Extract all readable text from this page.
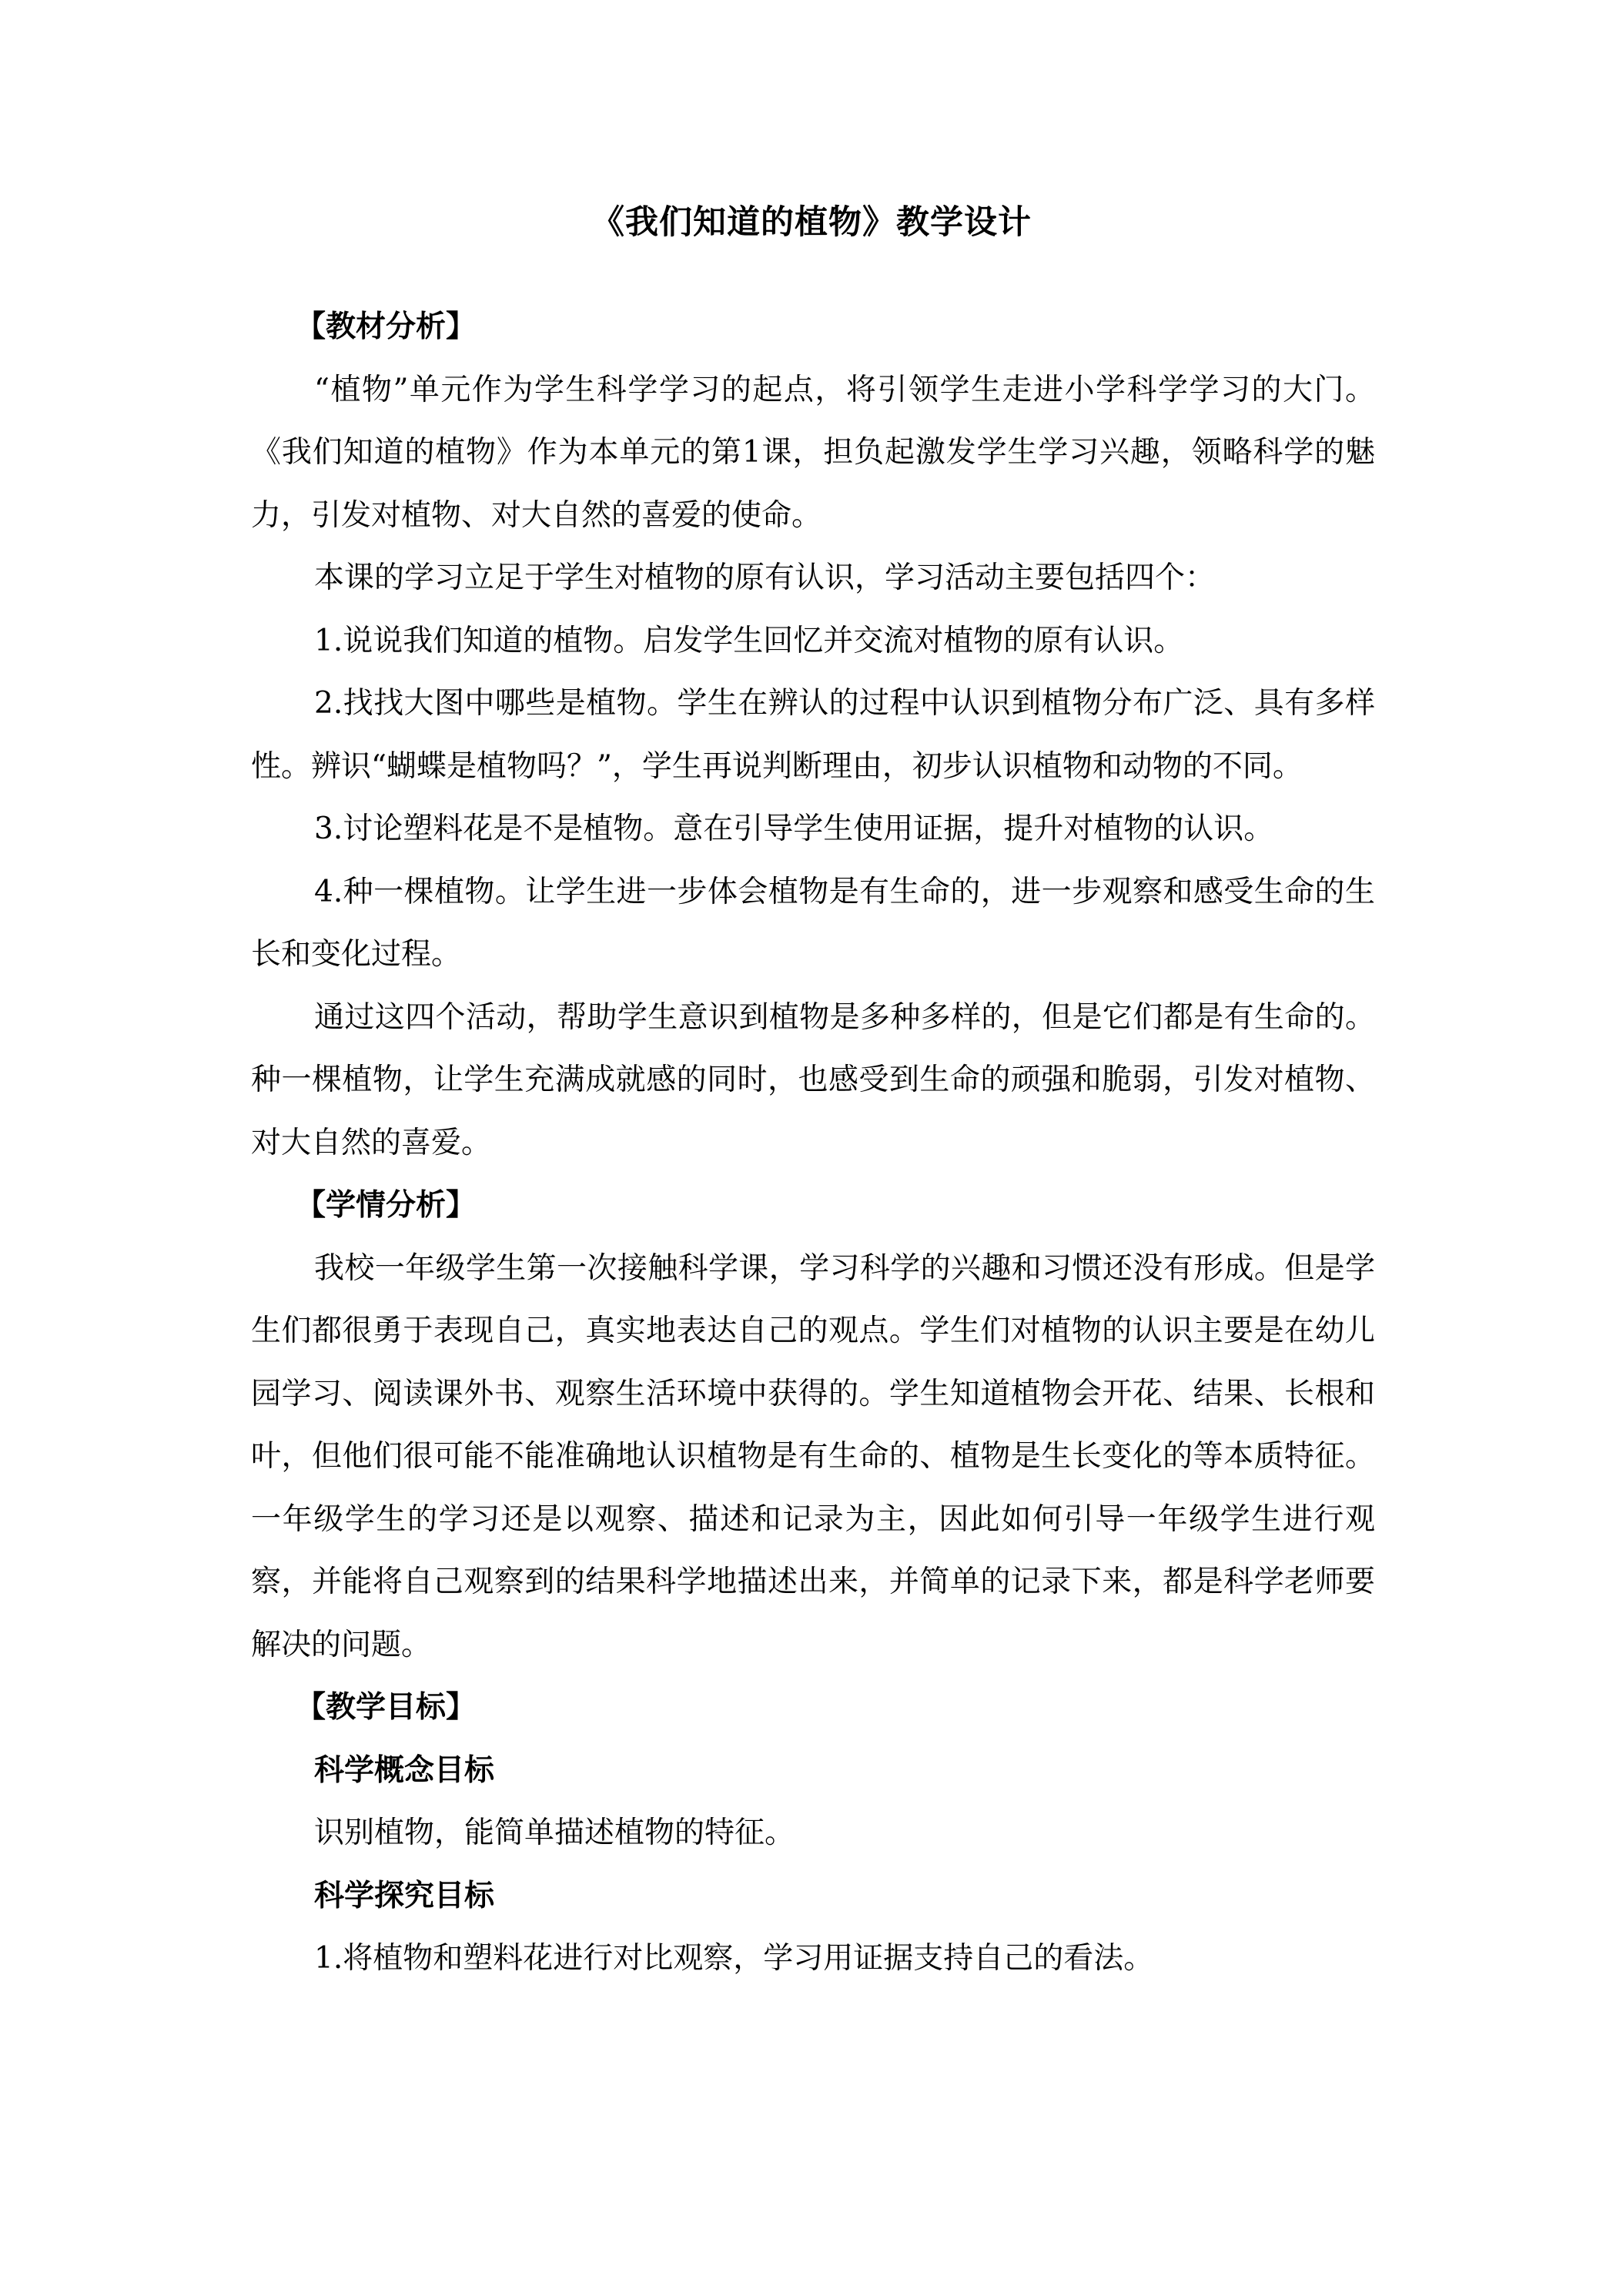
《我们知道的植物》教学设计

【教材分析】

“植物”单元作为学生科学学习的起点，将引领学生走进小学科学学习的大门。《我们知道的植物》作为本单元的第1课，担负起激发学生学习兴趣，领略科学的魅力，引发对植物、对大自然的喜爱的使命。

本课的学习立足于学生对植物的原有认识，学习活动主要包括四个：

1.说说我们知道的植物。启发学生回忆并交流对植物的原有认识。

2.找找大图中哪些是植物。学生在辨认的过程中认识到植物分布广泛、具有多样性。辨识“蝴蝶是植物吗？”，学生再说判断理由，初步认识植物和动物的不同。

3.讨论塑料花是不是植物。意在引导学生使用证据，提升对植物的认识。

4.种一棵植物。让学生进一步体会植物是有生命的，进一步观察和感受生命的生长和变化过程。

通过这四个活动，帮助学生意识到植物是多种多样的，但是它们都是有生命的。种一棵植物，让学生充满成就感的同时，也感受到生命的顽强和脆弱，引发对植物、对大自然的喜爱。

【学情分析】

我校一年级学生第一次接触科学课，学习科学的兴趣和习惯还没有形成。但是学生们都很勇于表现自己，真实地表达自己的观点。学生们对植物的认识主要是在幼儿园学习、阅读课外书、观察生活环境中获得的。学生知道植物会开花、结果、长根和叶，但他们很可能不能准确地认识植物是有生命的、植物是生长变化的等本质特征。一年级学生的学习还是以观察、描述和记录为主，因此如何引导一年级学生进行观察，并能将自己观察到的结果科学地描述出来，并简单的记录下来，都是科学老师要解决的问题。

【教学目标】

科学概念目标

识别植物，能简单描述植物的特征。

科学探究目标

1.将植物和塑料花进行对比观察，学习用证据支持自己的看法。
